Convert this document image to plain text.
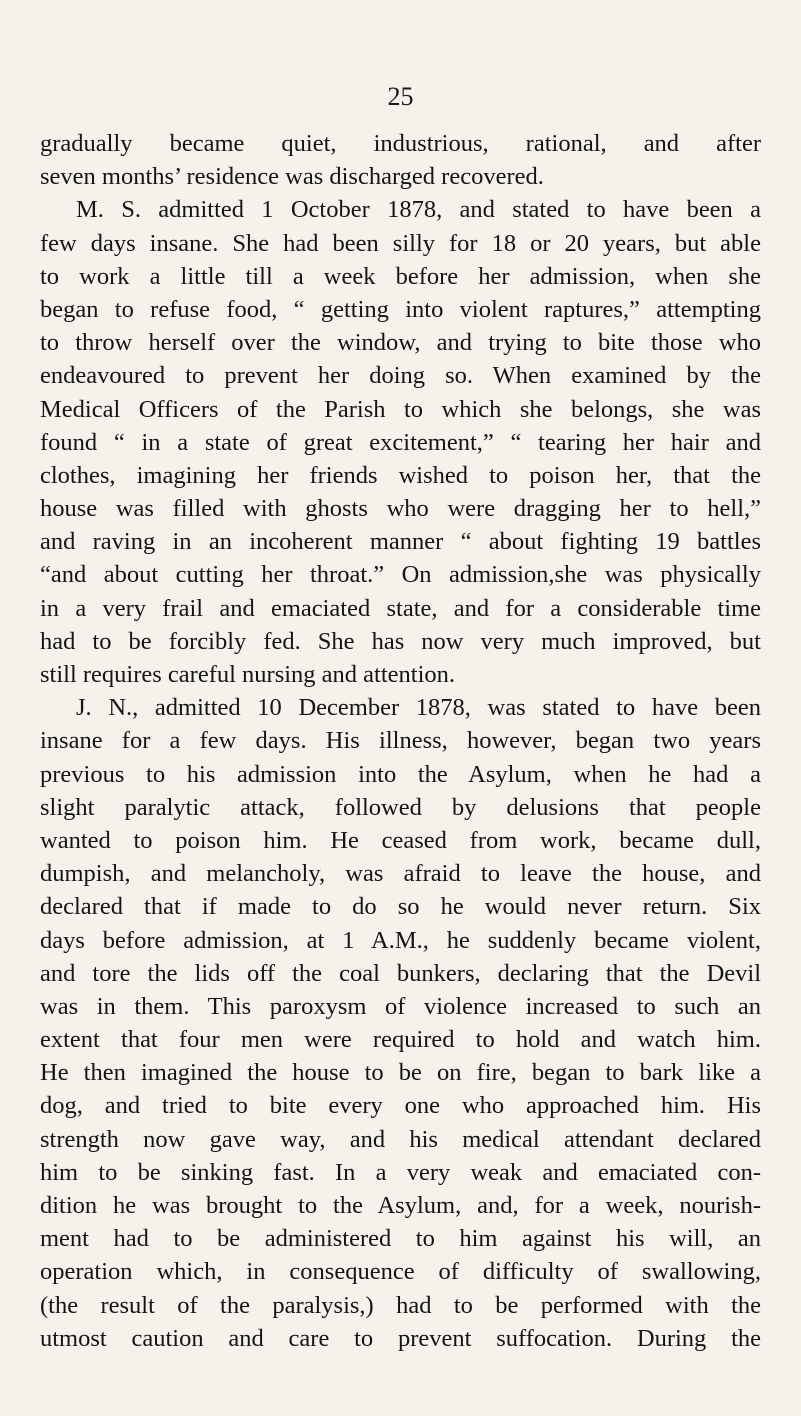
25
gradually became quiet, industrious, rational, and after
seven months’ residence was discharged recovered.
M. S. admitted 1 October 1878, and stated to have been a
few days insane. She had been silly for 18 or 20 years, but able
to work a little till a week before her admission, when she
began to refuse food, “ getting into violent raptures,” attempting
to throw herself over the window, and trying to bite those who
endeavoured to prevent her doing so. When examined by the
Medical Officers of the Parish to which she belongs, she was
found “ in a state of great excitement,” “ tearing her hair and
clothes, imagining her friends wished to poison her, that the
house was filled with ghosts who were dragging her to hell,”
and raving in an incoherent manner “ about fighting 19 battles
“and about cutting her throat.” On admission,she was physically
in a very frail and emaciated state, and for a considerable time
had to be forcibly fed. She has now very much improved, but
still requires careful nursing and attention.
J. N., admitted 10 December 1878, was stated to have been
insane for a few days. His illness, however, began two years
previous to his admission into the Asylum, when he had a
slight paralytic attack, followed by delusions that people
wanted to poison him. He ceased from work, became dull,
dumpish, and melancholy, was afraid to leave the house, and
declared that if made to do so he would never return. Six
days before admission, at 1 A.M., he suddenly became violent,
and tore the lids off the coal bunkers, declaring that the Devil
was in them. This paroxysm of violence increased to such an
extent that four men were required to hold and watch him.
He then imagined the house to be on fire, began to bark like a
dog, and tried to bite every one who approached him. His
strength now gave way, and his medical attendant declared
him to be sinking fast. In a very weak and emaciated con-
dition he was brought to the Asylum, and, for a week, nourish-
ment had to be administered to him against his will, an
operation which, in consequence of difficulty of swallowing,
(the result of the paralysis,) had to be performed with the
utmost caution and care to prevent suffocation. During the
